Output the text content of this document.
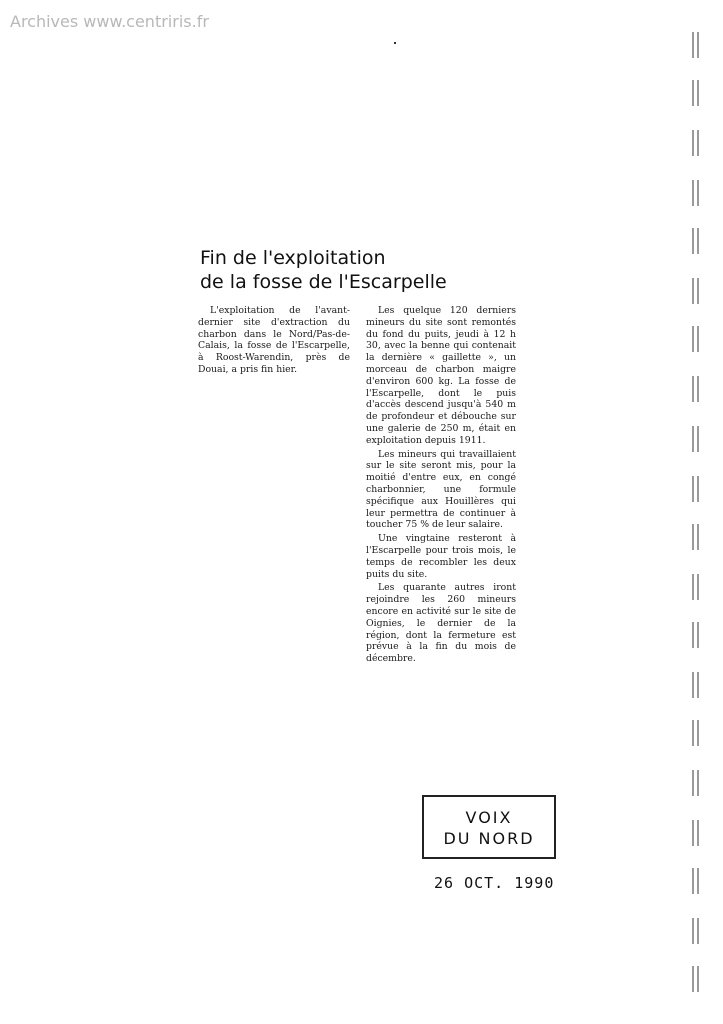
Archives www.centriris.fr
Fin de l'exploitation
de la fosse de l'Escarpelle

L'exploitation de l'avant-dernier site d'extraction du charbon dans le Nord/Pas-de-Calais, la fosse de l'Escarpelle, à Roost-Warendin, près de Douai, a pris fin hier.

Les quelque 120 derniers mineurs du site sont remontés du fond du puits, jeudi à 12 h 30, avec la benne qui contenait la dernière « gaillette », un morceau de charbon maigre d'environ 600 kg. La fosse de l'Escarpelle, dont le puis d'accès descend jusqu'à 540 m de profondeur et débouche sur une galerie de 250 m, était en exploitation depuis 1911.

Les mineurs qui travaillaient sur le site seront mis, pour la moitié d'entre eux, en congé charbonnier, une formule spécifique aux Houillères qui leur permettra de continuer à toucher 75 % de leur salaire.

Une vingtaine resteront à l'Escarpelle pour trois mois, le temps de recombler les deux puits du site.

Les quarante autres iront rejoindre les 260 mineurs encore en activité sur le site de Oignies, le dernier de la région, dont la fermeture est prévue à la fin du mois de décembre.

VOIX
DU NORD
26 OCT. 1990
